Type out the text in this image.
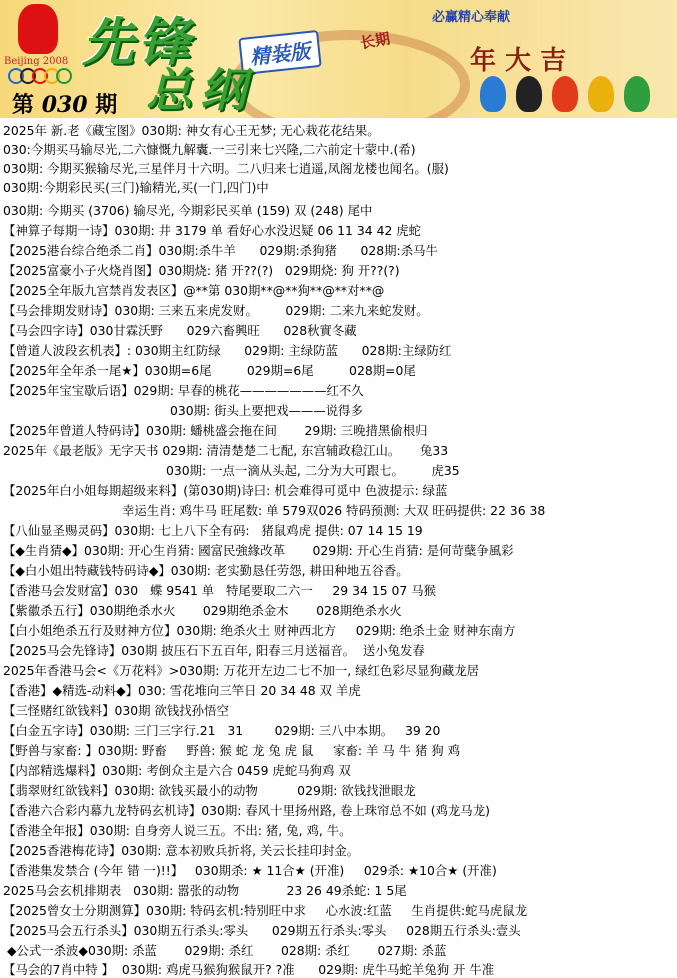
Beijing 2008 先锋	精装版
总纲
第 030 期
必赢精心奉献
长期
年 大 吉
2025年 新.老《藏宝图》030期: 神女有心王无梦; 无心栽花花结果。
030:今期买马输尽光,二六慷慨九解囊.一三引来七兴隆,二六前定十蒙中.(希)
030期: 今期买猴输尽光,三星伴月十六明。二八归来七逍遥,凤阁龙楼也闻名。(服)
030期:今期彩民买(三门)输精光,买(一门,四门)中
030期: 今期买 (3706) 输尽光, 今期彩民买单 (159) 双 (248) 尾中
【神算子每期一诗】030期: 井 3179 单 看好心水没迟疑 06 11 34 42 虎蛇
【2025港台综合绝杀二肖】030期:杀牛羊      029期:杀狗猪      028期:杀马牛
【2025富豪小子火烧肖图】030期烧: 猪 开??(?)   029期烧: 狗 开??(?)
【2025全年版九宫禁肖发表区】@**第 030期**@**狗**@**对**@
【马会排期发财诗】030期: 三来五来虎发财。       029期: 二来九来蛇发财。
【马会四字诗】030甘霖沃野      029六畜興旺      028秋實冬藏
【曾道人波段玄机表】: 030期主红防绿      029期: 主绿防蓝      028期:主绿防红
【2025年全年杀一尾★】030期=6尾         029期=6尾         028期=0尾
【2025年宝宝歇后语】029期: 早春的桃花———————红不久
030期: 街头上要把戏———说得多
【2025年曾道人特码诗】030期: 蟠桃盛会拖在间       29期: 三晚措黑偷根归
2025年《最老版》无字天书 029期: 清清楚楚二七配, 东宫辅政稳江山。     兔33
030期: 一点一滴从头起, 二分为大可跟七。       虎35
【2025年白小姐每期超级来料】(第030期)诗曰: 机会难得可觅中 色波提示: 绿蓝
幸运生肖: 鸡牛马 旺尾数: 单 579双026 特码预测: 大双 旺码提供: 22 36 38
【八仙显圣赐灵码】030期: 七上八下全有码:   猪鼠鸡虎 提供: 07 14 15 19
【◆生肖猜◆】030期: 开心生肖猜: 國富民強緣改革       029期: 开心生肖猜: 是何苛蘖争風彩
【◆白小姐出特藏钱特码诗◆】030期: 老实勤恳任劳怨, 耕田种地五谷香。
【香港马会发财富】030   蝶 9541 单   特尾要取二六一     29 34 15 07 马猴
【紫徽杀五行】030期绝杀水火       029期绝杀金木       028期绝杀水火
【白小姐绝杀五行及财神方位】030期: 绝杀火土 财神西北方     029期: 绝杀土金 财神东南方
【2025马会先锋诗】030期 披压石下五百年, 阳春三月送福音。  送小兔发春
2025年香港马会<《万花料》>030期: 万花开左边二七不加一, 绿红色彩尽显狗藏龙居
【香港】◆精选-动料◆】030: 雪花堆向三竿日 20 34 48 双 羊虎
【三怪赌红欲钱料】030期 欲钱找孙悟空
【白金五字诗】030期: 三门三字行.21   31        029期: 三八中本期。   39 20
【野兽与家畜: 】030期: 野畜     野兽: 猴 蛇 龙 兔 虎 鼠     家畜: 羊 马 牛 猪 狗 鸡
【内部精选爆料】030期: 考倒众主是六合 0459 虎蛇马狗鸡 双
【翡翠财红欲钱料】030期: 欲钱买最小的动物          029期: 欲钱找泄眼龙
【香港六合彩内幕九龙特码玄机诗】030期: 春风十里扬州路, 卷上珠帘总不如 (鸡龙马龙)
【香港全年报】030期: 自身旁人说三五。不出: 猪, 兔, 鸡, 牛。
【2025香港梅花诗】030期: 意本初败兵折将, 关云长挂印封金。
【香港集发禁合 (今年 错 一)!!】   030期杀: ★ 11合★ (开准)     029杀: ★10合★ (开准)
2025马会玄机排期表   030期: 嚣张的动物            23 26 49杀蛇: 1 5尾
【2025曾女士分期测算】030期: 特码玄机:特别旺中求     心水波:红蓝     生肖提供:蛇马虎鼠龙
【2025马会五行杀头】030期五行杀头:零头      029期五行杀头:零头     028期五行杀头:壹头
◆公式一杀波◆030期: 杀蓝       029期: 杀红       028期: 杀红       027期: 杀蓝
【马会的7肖中特 】  030期: 鸡虎马猴狗猴鼠开? ?准      029期: 虎牛马蛇羊兔狗 开 牛准
